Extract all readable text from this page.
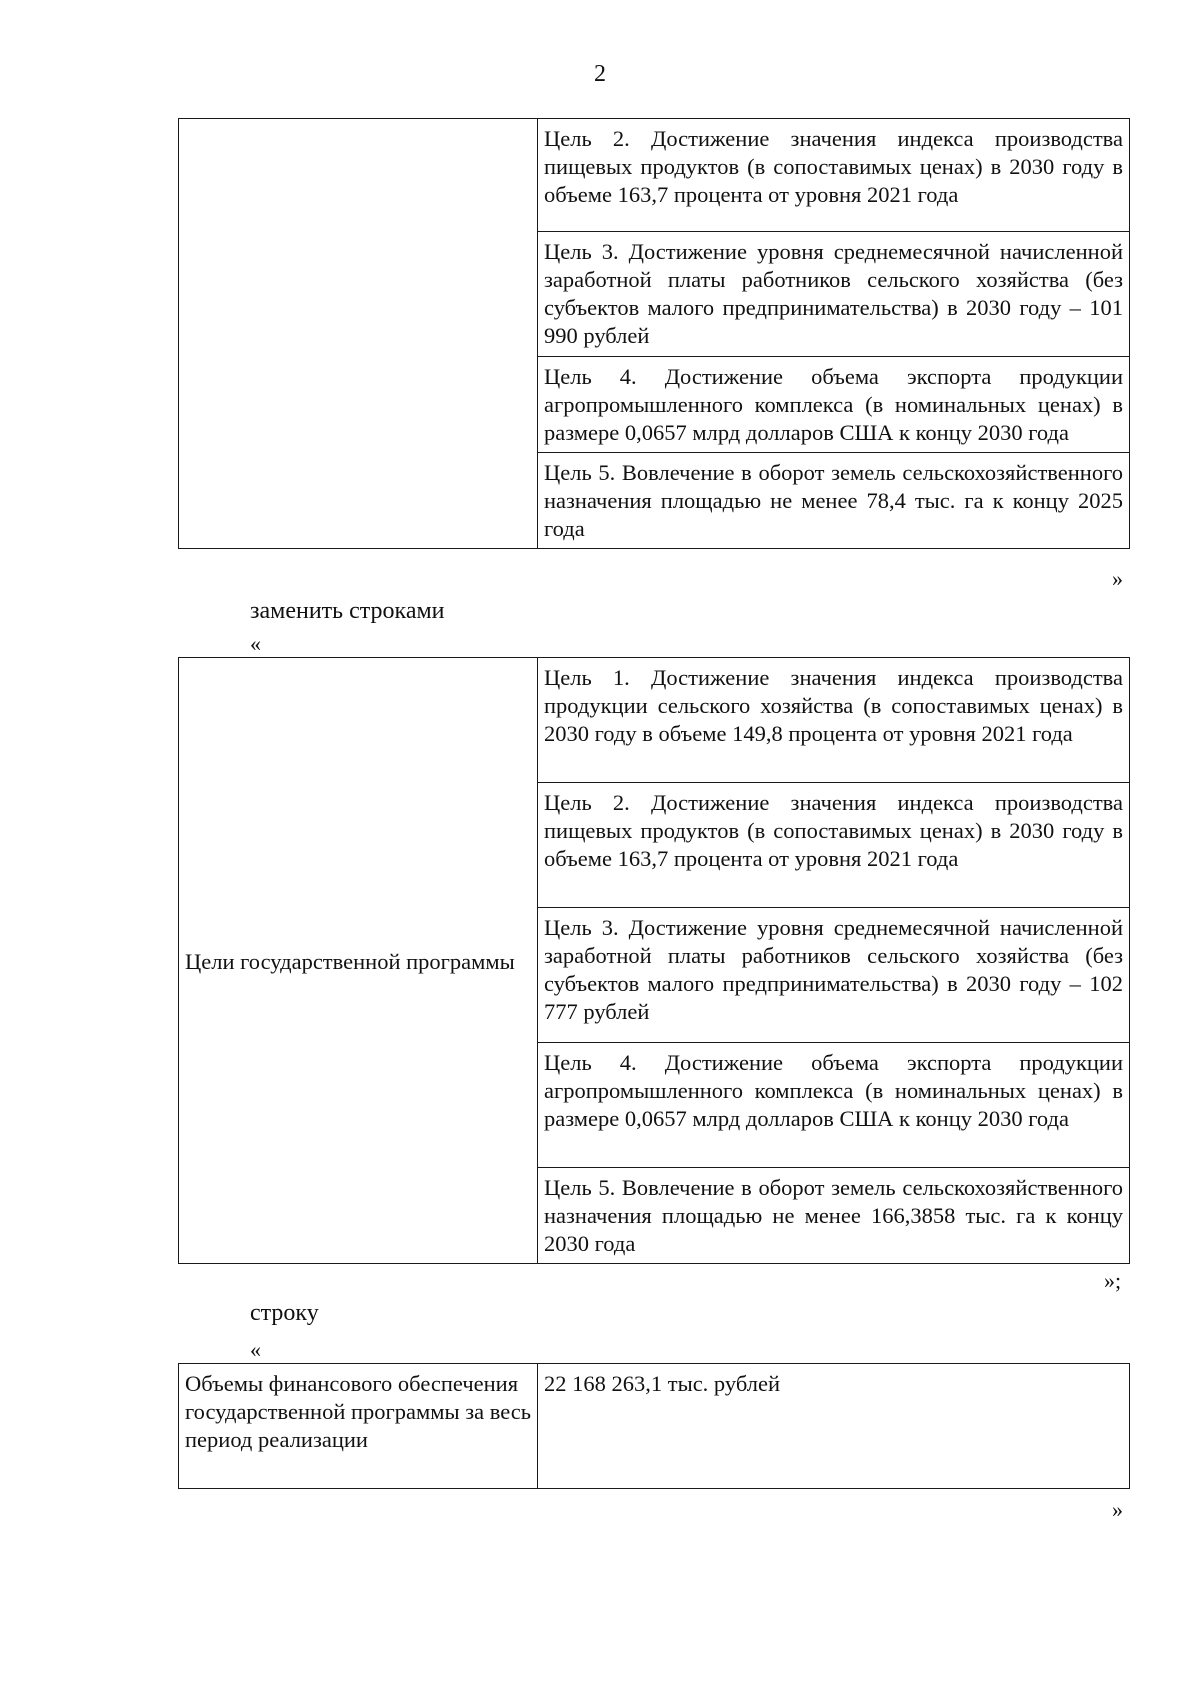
2
	Цель 2. Достижение значения индекса производства пищевых продуктов (в сопоставимых ценах) в 2030 году в объеме 163,7 процента от уровня 2021 года
Цель 3. Достижение уровня среднемесячной начисленной заработной платы работников сельского хозяйства (без субъектов малого предпринимательства) в 2030 году – 101 990 рублей
Цель 4. Достижение объема экспорта продукции агропромышленного комплекса (в номинальных ценах) в размере 0,0657 млрд долларов США к концу 2030 года
Цель 5. Вовлечение в оборот земель сельскохозяйственного назначения площадью не менее 78,4 тыс. га к концу 2025 года
»
заменить строками
«
Цели государственной программы	Цель 1. Достижение значения индекса производства продукции сельского хозяйства (в сопоставимых ценах) в 2030 году в объеме 149,8 процента от уровня 2021 года
Цель 2. Достижение значения индекса производства пищевых продуктов (в сопоставимых ценах) в 2030 году в объеме 163,7 процента от уровня 2021 года
Цель 3. Достижение уровня среднемесячной начисленной заработной платы работников сельского хозяйства (без субъектов малого предпринимательства) в 2030 году – 102 777 рублей
Цель 4. Достижение объема экспорта продукции агропромышленного комплекса (в номинальных ценах) в размере 0,0657 млрд долларов США к концу 2030 года
Цель 5. Вовлечение в оборот земель сельскохозяйственного назначения площадью не менее 166,3858 тыс. га к концу 2030 года
»;
строку
«
Объемы финансового обеспечения государственной программы за весь период реализации	22 168 263,1 тыс. рублей
»
